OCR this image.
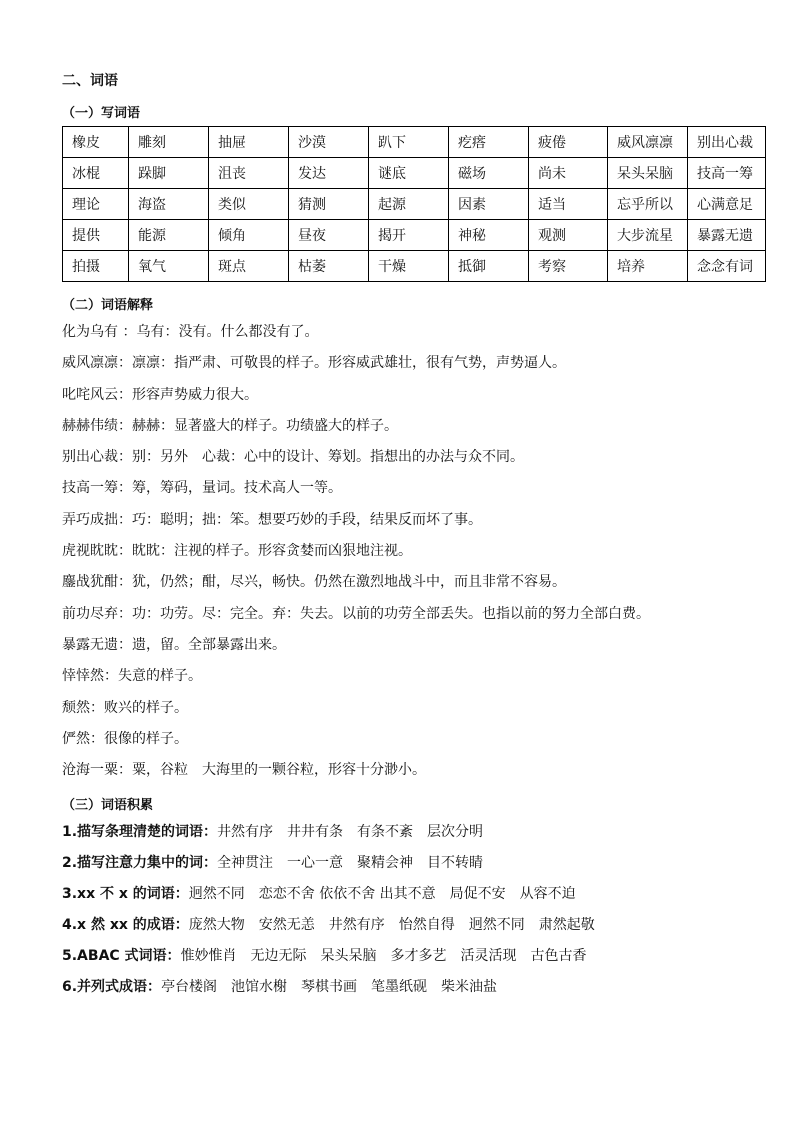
二、词语
（一）写词语
橡皮	雕刻	抽屉	沙漠	趴下	疙瘩	疲倦	威风凛凛	别出心裁
冰棍	跺脚	沮丧	发达	谜底	磁场	尚未	呆头呆脑	技高一筹
理论	海盗	类似	猜测	起源	因素	适当	忘乎所以	心满意足
提供	能源	倾角	昼夜	揭开	神秘	观测	大步流星	暴露无遗
拍摄	氧气	斑点	枯萎	干燥	抵御	考察	培养	念念有词
（二）词语解释
化为乌有 ：乌有：没有。什么都没有了。
威风凛凛：凛凛：指严肃、可敬畏的样子。形容威武雄壮，很有气势，声势逼人。
叱咤风云：形容声势威力很大。
赫赫伟绩：赫赫：显著盛大的样子。功绩盛大的样子。
别出心裁：别：另外　心裁：心中的设计、筹划。指想出的办法与众不同。
技高一筹：筹，筹码，量词。技术高人一等。
弄巧成拙：巧：聪明；拙：笨。想要巧妙的手段，结果反而坏了事。
虎视眈眈：眈眈：注视的样子。形容贪婪而凶狠地注视。
鏖战犹酣：犹，仍然；酣，尽兴，畅快。仍然在激烈地战斗中，而且非常不容易。
前功尽弃：功：功劳。尽：完全。弃：失去。以前的功劳全部丢失。也指以前的努力全部白费。
暴露无遗：遗，留。全部暴露出来。
悻悻然：失意的样子。
颓然：败兴的样子。
俨然：很像的样子。
沧海一粟：粟，谷粒　大海里的一颗谷粒，形容十分渺小。
（三）词语积累
1.描写条理清楚的词语：井然有序　井井有条　有条不紊　层次分明
2.描写注意力集中的词：全神贯注　一心一意　聚精会神　目不转睛
3.xx 不 x 的词语：迥然不同　恋恋不舍 依依不舍 出其不意　局促不安　从容不迫
4.x 然 xx 的成语：庞然大物　安然无恙　井然有序　怡然自得　迥然不同　肃然起敬
5.ABAC 式词语：惟妙惟肖　无边无际　呆头呆脑　多才多艺　活灵活现　古色古香
6.并列式成语：亭台楼阁　池馆水榭　琴棋书画　笔墨纸砚　柴米油盐
